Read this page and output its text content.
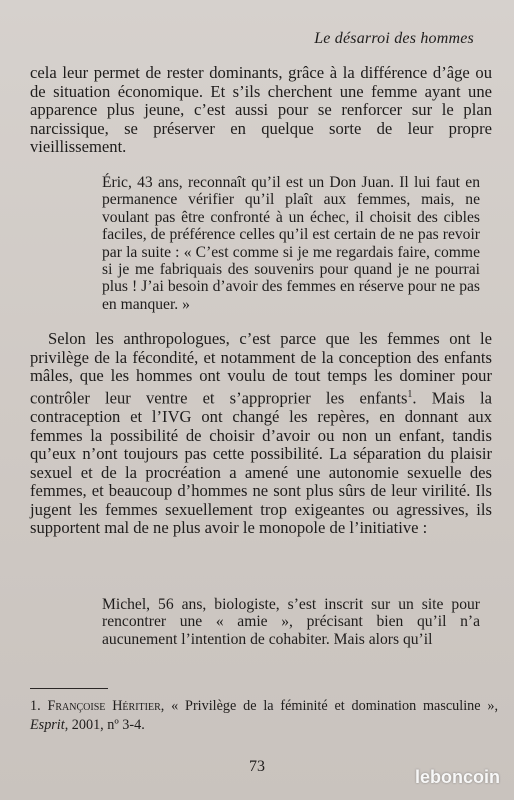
Le désarroi des hommes
cela leur permet de rester dominants, grâce à la différence d’âge ou de situation économique. Et s’ils cherchent une femme ayant une apparence plus jeune, c’est aussi pour se renforcer sur le plan narcissique, se préserver en quelque sorte de leur propre vieillissement.
Éric, 43 ans, reconnaît qu’il est un Don Juan. Il lui faut en permanence vérifier qu’il plaît aux femmes, mais, ne voulant pas être confronté à un échec, il choisit des cibles faciles, de préférence celles qu’il est certain de ne pas revoir par la suite : « C’est comme si je me regardais faire, comme si je me fabriquais des souvenirs pour quand je ne pourrai plus ! J’ai besoin d’avoir des femmes en réserve pour ne pas en manquer. »
Selon les anthropologues, c’est parce que les femmes ont le privilège de la fécondité, et notamment de la conception des enfants mâles, que les hommes ont voulu de tout temps les dominer pour contrôler leur ventre et s’approprier les enfants$^1$. Mais la contraception et l’IVG ont changé les repères, en donnant aux femmes la possibilité de choisir d’avoir ou non un enfant, tandis qu’eux n’ont toujours pas cette possibilité. La séparation du plaisir sexuel et de la procréation a amené une autonomie sexuelle des femmes, et beaucoup d’hommes ne sont plus sûrs de leur virilité. Ils jugent les femmes sexuellement trop exigeantes ou agressives, ils supportent mal de ne plus avoir le monopole de l’initiative :
Michel, 56 ans, biologiste, s’est inscrit sur un site pour rencontrer une « amie », précisant bien qu’il n’a aucunement l’intention de cohabiter. Mais alors qu’il
1. Françoise Héritier, « Privilège de la féminité et domination masculine », Esprit, 2001, nº 3-4.
73
leboncoin
